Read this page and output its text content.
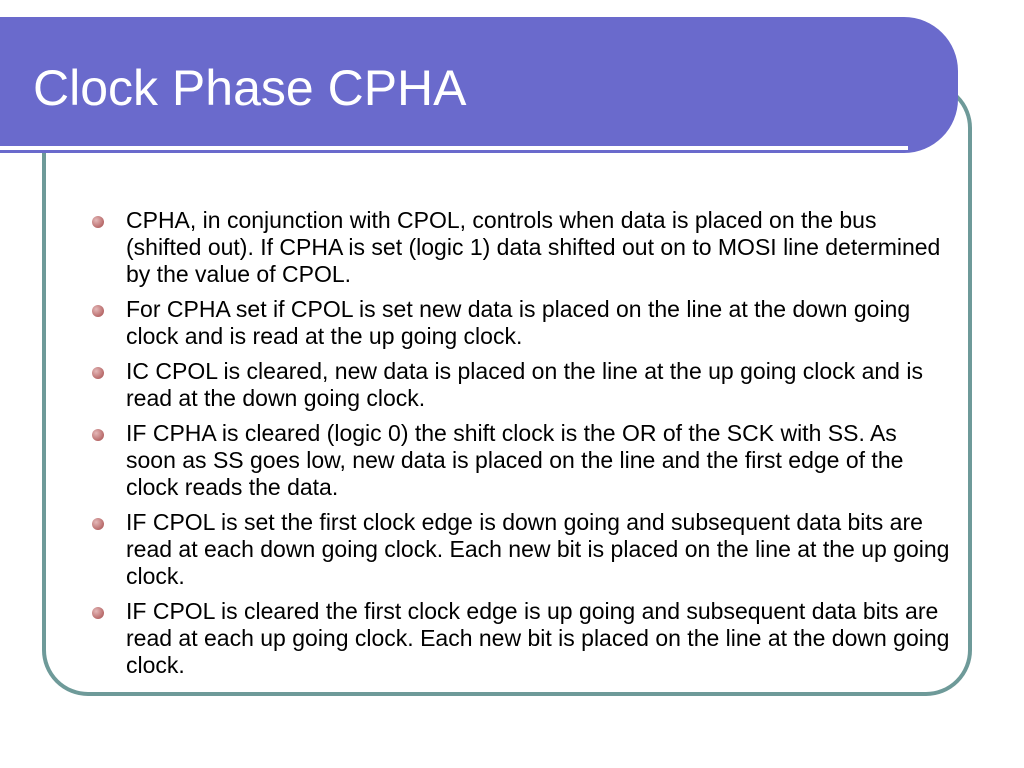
Clock Phase CPHA
CPHA, in conjunction with CPOL, controls when data is placed on the bus (shifted out). If CPHA is set (logic 1) data shifted out on to MOSI line determined by the value of CPOL.
For CPHA set if CPOL is set new data is placed on the line at the down going clock and is read at the up going clock.
IC CPOL is cleared, new data is placed on the line at the up going clock and is read at the down going clock.
IF CPHA is cleared (logic 0) the shift clock is the OR of the SCK with SS. As soon as SS goes low, new data is placed on the line and the first edge of the clock reads the data.
IF CPOL is set the first clock edge is down going and subsequent data bits are read at each down going clock. Each new bit is placed on the line at the up going clock.
IF CPOL is cleared the first clock edge is up going and subsequent data bits are read at each up going clock. Each new bit is placed on the line at the down going clock.
